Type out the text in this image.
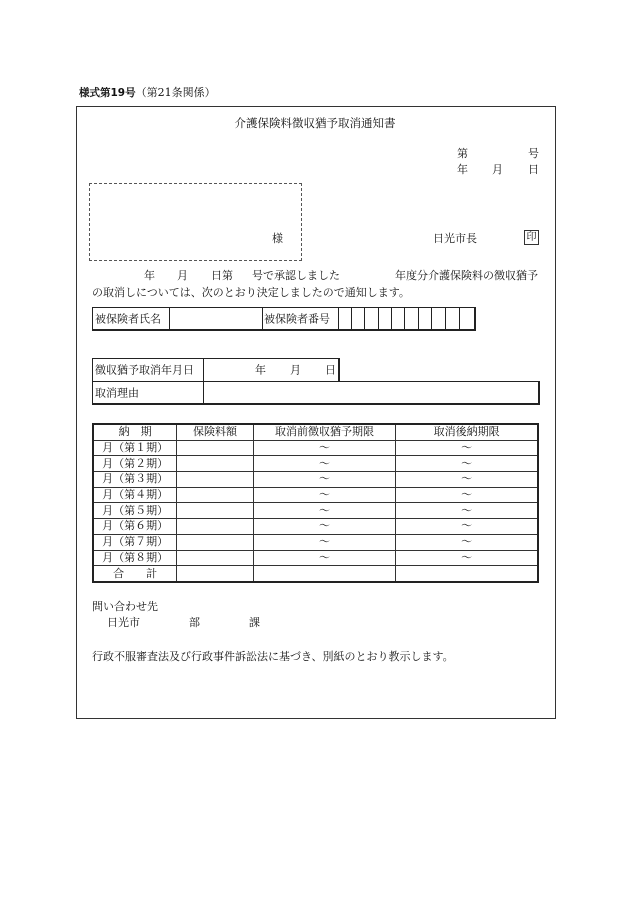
様式第19号（第21条関係）
介護保険料徴収猶予取消通知書
第	号
年 月 日
様	日光市長	印
年 月 日第 号で承認しました	年度分介護保険料の徴収猶予
の取消しについては、次のとおり決定しましたので通知します。
被保険者氏名	被保険者番号
徴収猶予取消年月日	年 月 日
取消理由
納　期	保険料額	取消前徴収猶予期限	取消後納期限
月（第１期）		〜	〜
月（第２期）		〜	〜
月（第３期）		〜	〜
月（第４期）		〜	〜
月（第５期）		〜	〜
月（第６期）		〜	〜
月（第７期）		〜	〜
月（第８期）		〜	〜
合　　計			
問い合わせ先
日光市	部	課
行政不服審査法及び行政事件訴訟法に基づき、別紙のとおり教示します。
